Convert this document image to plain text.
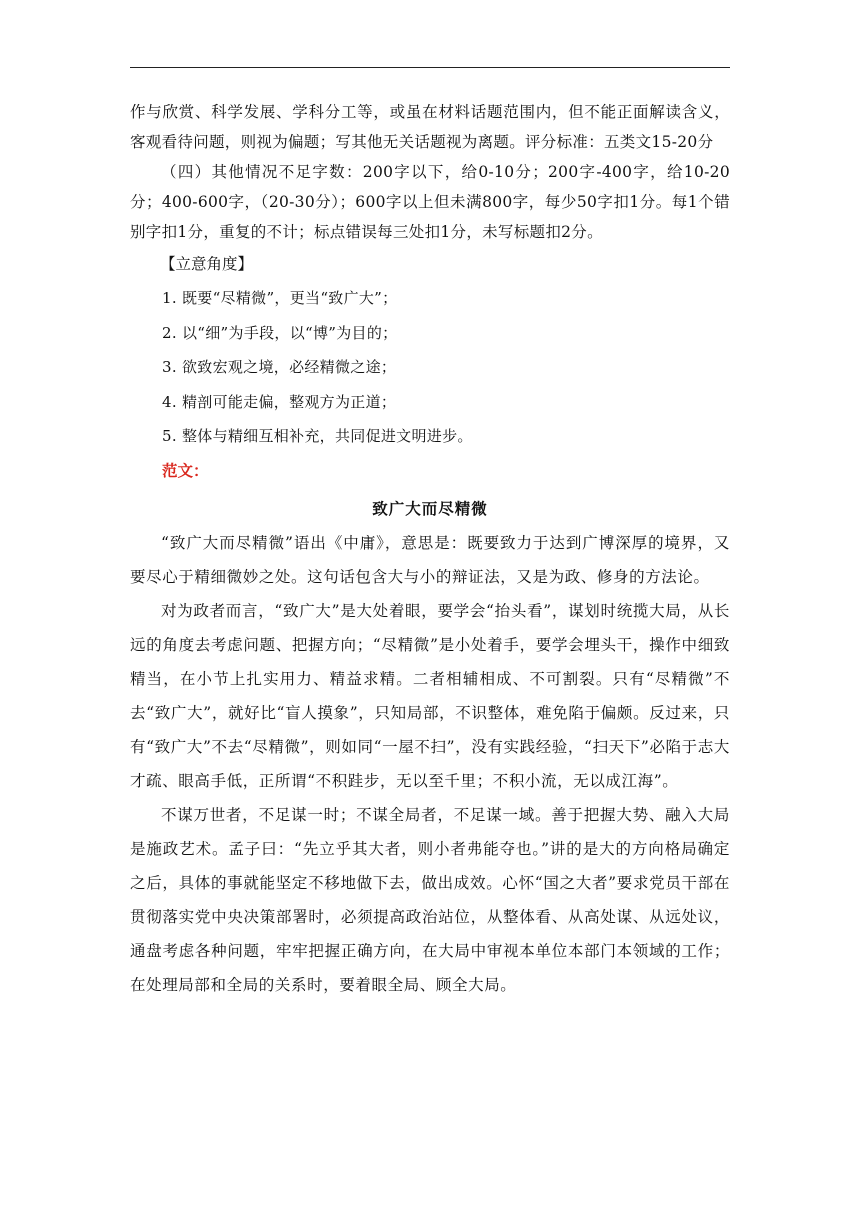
作与欣赏、科学发展、学科分工等，或虽在材料话题范围内，但不能正面解读含义，客观看待问题，则视为偏题；写其他无关话题视为离题。评分标准：五类文15-20分

（四）其他情况不足字数：200字以下，给0-10分；200字-400字，给10-20分；400-600字，（20-30分）；600字以上但未满800字，每少50字扣1分。每1个错别字扣1分，重复的不计；标点错误每三处扣1分，未写标题扣2分。

【立意角度】

1. 既要“尽精微”，更当“致广大”；

2. 以“细”为手段，以“博”为目的；

3. 欲致宏观之境，必经精微之途；

4. 精剖可能走偏，整观方为正道；

5. 整体与精细互相补充，共同促进文明进步。

范文：

致广大而尽精微

“致广大而尽精微”语出《中庸》，意思是：既要致力于达到广博深厚的境界，又要尽心于精细微妙之处。这句话包含大与小的辩证法，又是为政、修身的方法论。

对为政者而言，“致广大”是大处着眼，要学会“抬头看”，谋划时统揽大局，从长远的角度去考虑问题、把握方向；“尽精微”是小处着手，要学会埋头干，操作中细致精当，在小节上扎实用力、精益求精。二者相辅相成、不可割裂。只有“尽精微”不去“致广大”，就好比“盲人摸象”，只知局部，不识整体，难免陷于偏颇。反过来，只有“致广大”不去“尽精微”，则如同“一屋不扫”，没有实践经验，“扫天下”必陷于志大才疏、眼高手低，正所谓“不积跬步，无以至千里；不积小流，无以成江海”。

不谋万世者，不足谋一时；不谋全局者，不足谋一域。善于把握大势、融入大局是施政艺术。孟子曰：“先立乎其大者，则小者弗能夺也。”讲的是大的方向格局确定之后，具体的事就能坚定不移地做下去，做出成效。心怀“国之大者”要求党员干部在贯彻落实党中央决策部署时，必须提高政治站位，从整体看、从高处谋、从远处议，通盘考虑各种问题，牢牢把握正确方向，在大局中审视本单位本部门本领域的工作；在处理局部和全局的关系时，要着眼全局、顾全大局。
